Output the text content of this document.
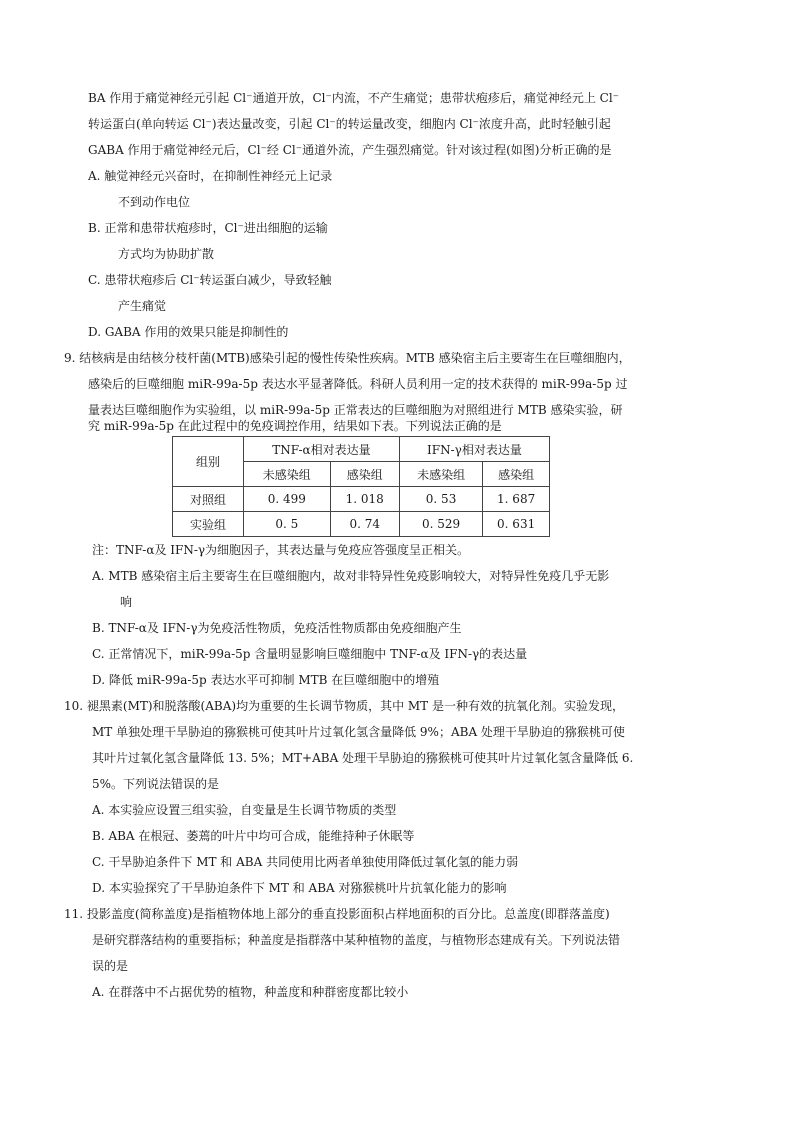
BA 作用于痛觉神经元引起 Cl⁻通道开放，Cl⁻内流，不产生痛觉；患带状疱疹后，痛觉神经元上 Cl⁻
转运蛋白(单向转运 Cl⁻)表达量改变，引起 Cl⁻的转运量改变，细胞内 Cl⁻浓度升高，此时轻触引起
GABA 作用于痛觉神经元后，Cl⁻经 Cl⁻通道外流，产生强烈痛觉。针对该过程(如图)分析正确的是
A. 触觉神经元兴奋时，在抑制性神经元上记录
不到动作电位
B. 正常和患带状疱疹时，Cl⁻进出细胞的运输
方式均为协助扩散
C. 患带状疱疹后 Cl⁻转运蛋白减少，导致轻触
产生痛觉
D. GABA 作用的效果只能是抑制性的
9. 结核病是由结核分枝杆菌(MTB)感染引起的慢性传染性疾病。MTB 感染宿主后主要寄生在巨噬细胞内，
感染后的巨噬细胞 miR-99a-5p 表达水平显著降低。科研人员利用一定的技术获得的 miR-99a-5p 过
量表达巨噬细胞作为实验组，以 miR-99a-5p 正常表达的巨噬细胞为对照组进行 MTB 感染实验，研
究 miR-99a-5p 在此过程中的免疫调控作用，结果如下表。下列说法正确的是
组别	TNF-α相对表达量		IFN-γ相对表达量	
	未感染组	感染组	未感染组	感染组
对照组	0. 499	1. 018	0. 53	1. 687
实验组	0. 5	0. 74	0. 529	0. 631
注：TNF-α及 IFN-γ为细胞因子，其表达量与免疫应答强度呈正相关。
A. MTB 感染宿主后主要寄生在巨噬细胞内，故对非特异性免疫影响较大，对特异性免疫几乎无影
响
B. TNF-α及 IFN-γ为免疫活性物质，免疫活性物质都由免疫细胞产生
C. 正常情况下，miR-99a-5p 含量明显影响巨噬细胞中 TNF-α及 IFN-γ的表达量
D. 降低 miR-99a-5p 表达水平可抑制 MTB 在巨噬细胞中的增殖
10. 褪黑素(MT)和脱落酸(ABA)均为重要的生长调节物质，其中 MT 是一种有效的抗氧化剂。实验发现，
MT 单独处理干旱胁迫的猕猴桃可使其叶片过氧化氢含量降低 9%；ABA 处理干旱胁迫的猕猴桃可使
其叶片过氧化氢含量降低 13. 5%；MT+ABA 处理干旱胁迫的猕猴桃可使其叶片过氧化氢含量降低 6.
5%。下列说法错误的是
A. 本实验应设置三组实验，自变量是生长调节物质的类型
B. ABA 在根冠、萎蔫的叶片中均可合成，能维持种子休眠等
C. 干旱胁迫条件下 MT 和 ABA 共同使用比两者单独使用降低过氧化氢的能力弱
D. 本实验探究了干旱胁迫条件下 MT 和 ABA 对猕猴桃叶片抗氧化能力的影响
11. 投影盖度(简称盖度)是指植物体地上部分的垂直投影面积占样地面积的百分比。总盖度(即群落盖度)
是研究群落结构的重要指标；种盖度是指群落中某种植物的盖度，与植物形态建成有关。下列说法错
误的是
A. 在群落中不占据优势的植物，种盖度和种群密度都比较小
